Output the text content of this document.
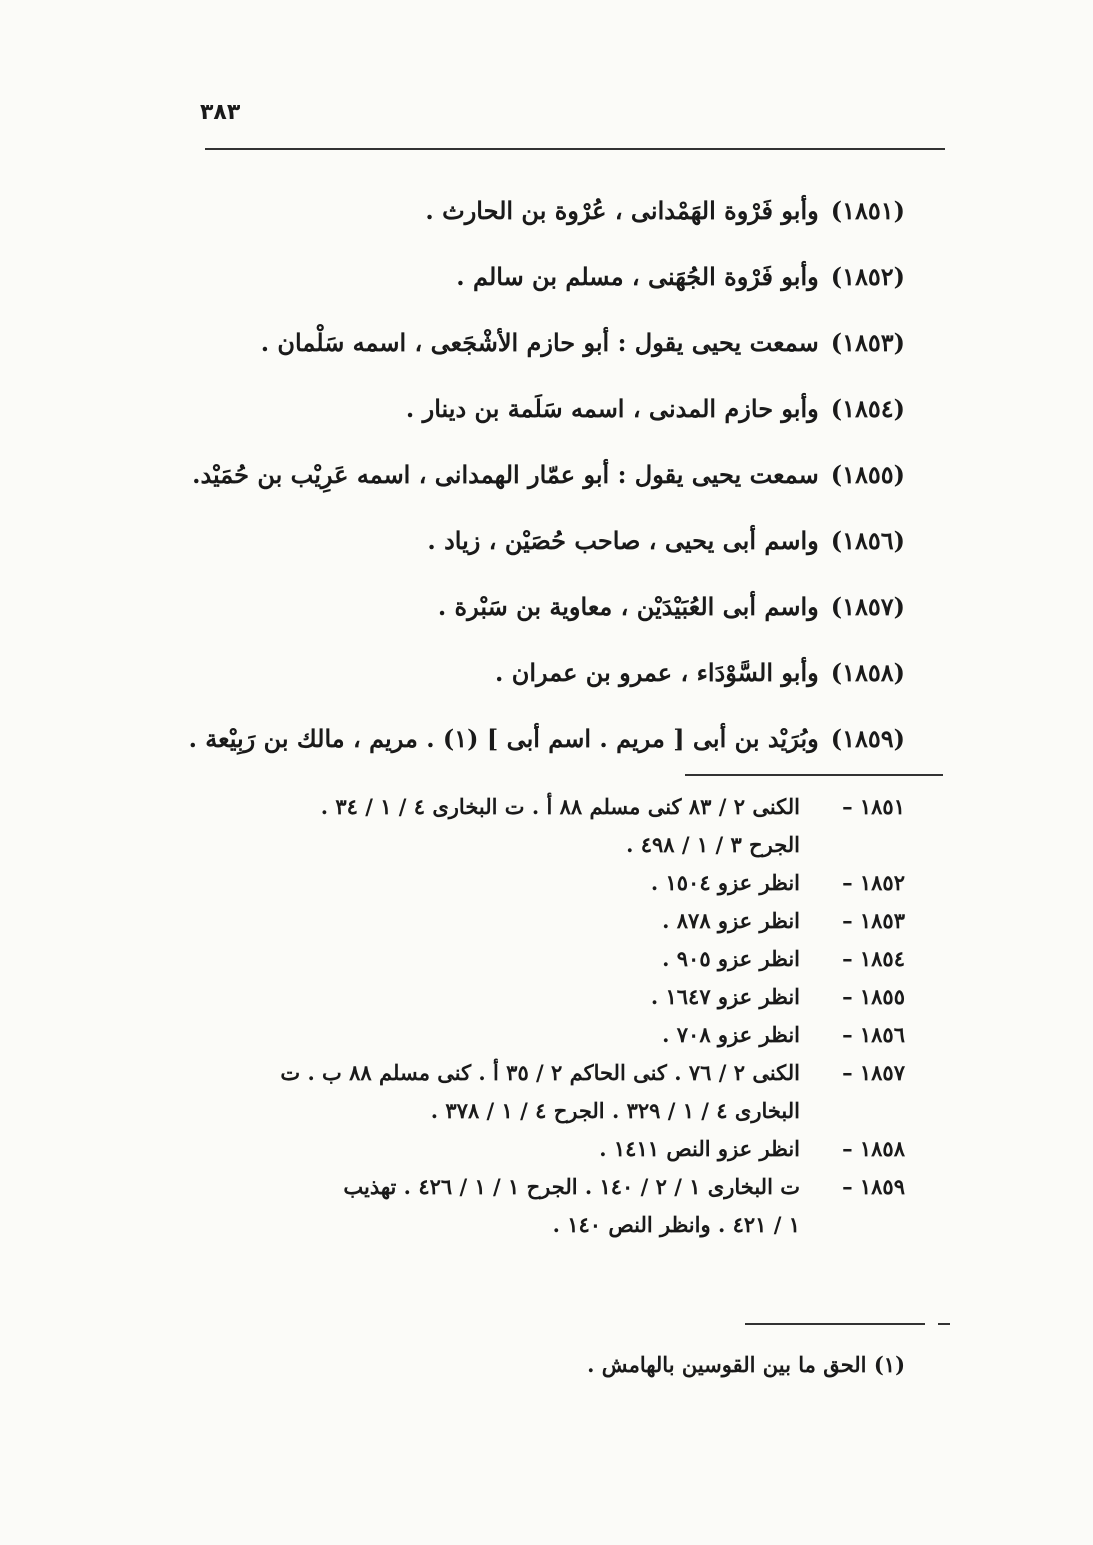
٣٨٣
(١٨٥١)وأبو فَرْوة الهَمْدانى ، عُرْوة بن الحارث .
(١٨٥٢)وأبو فَرْوة الجُهَنى ، مسلم بن سالم .
(١٨٥٣)سمعت يحيى يقول : أبو حازم الأشْجَعى ، اسمه سَلْمان .
(١٨٥٤)وأبو حازم المدنى ، اسمه سَلَمة بن دينار .
(١٨٥٥)سمعت يحيى يقول : أبو عمّار الهمدانى ، اسمه عَرِيْب بن حُمَيْد.
(١٨٥٦)واسم أبى يحيى ، صاحب حُصَيْن ، زياد .
(١٨٥٧)واسم أبى العُبَيْدَيْن ، معاوية بن سَبْرة .
(١٨٥٨)وأبو السَّوْدَاء ، عمرو بن عمران .
(١٨٥٩)وبُرَيْد بن أبى [ مريم . اسم أبى ] (١) . مريم ، مالك بن رَبِيْعة .
١٨٥١ –الكنى ٢ / ٨٣ كنى مسلم ٨٨ أ . ت البخارى ٤ / ١ / ٣٤ .
الجرح ٣ / ١ / ٤٩٨ .
١٨٥٢ –انظر عزو ١٥٠٤ .
١٨٥٣ –انظر عزو ٨٧٨ .
١٨٥٤ –انظر عزو ٩٠٥ .
١٨٥٥ –انظر عزو ١٦٤٧ .
١٨٥٦ –انظر عزو ٧٠٨ .
١٨٥٧ –الكنى ٢ / ٧٦ . كنى الحاكم ٢ / ٣٥ أ . كنى مسلم ٨٨ ب . ت
البخارى ٤ / ١ / ٣٢٩ . الجرح ٤ / ١ / ٣٧٨ .
١٨٥٨ –انظر عزو النص ١٤١١ .
١٨٥٩ –ت البخارى ١ / ٢ / ١٤٠ . الجرح ١ / ١ / ٤٢٦ . تهذيب
١ / ٤٢١ . وانظر النص ١٤٠ .
(١) الحق ما بين القوسين بالهامش .
